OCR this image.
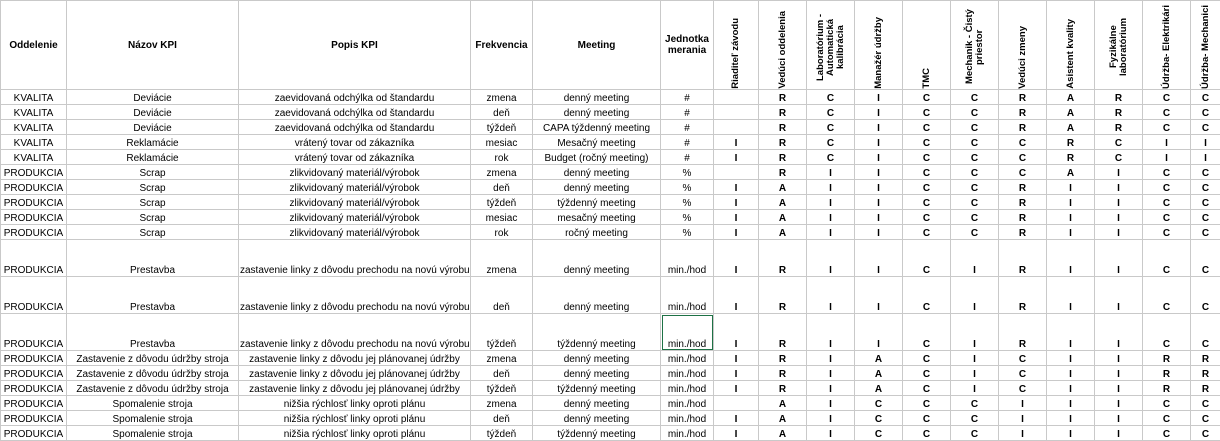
Oddelenie	Názov KPI	Popis KPI	Frekvencia	Meeting	Jednotka merania	Riaditeľ závodu	Vedúci oddelenia	Laboratórium - Automatická kalibrácia	Manažér údržby	TMC	Mechanik - Čistý priestor	Vedúci zmeny	Asistent kvality	Fyzikálne laboratórium	Údržba- Elektrikári	Údržba- Mechanici

KVALITA	Deviácie	zaevidovaná odchýlka od štandardu	zmena	denný meeting	#		R	C	I	C	C	R	A	R	C	C
KVALITA	Deviácie	zaevidovaná odchýlka od štandardu	deň	denný meeting	#		R	C	I	C	C	R	A	R	C	C
KVALITA	Deviácie	zaevidovaná odchýlka od štandardu	týždeň	CAPA týždenný meeting	#		R	C	I	C	C	R	A	R	C	C
KVALITA	Reklamácie	vrátený tovar od zákazníka	mesiac	Mesačný meeting	#	I	R	C	I	C	C	C	R	C	I	I
KVALITA	Reklamácie	vrátený tovar od zákazníka	rok	Budget (ročný meeting)	#	I	R	C	I	C	C	C	R	C	I	I
PRODUKCIA	Scrap	zlikvidovaný materiál/výrobok	zmena	denný meeting	%		R	I	I	C	C	C	A	I	C	C
PRODUKCIA	Scrap	zlikvidovaný materiál/výrobok	deň	denný meeting	%	I	A	I	I	C	C	R	I	I	C	C
PRODUKCIA	Scrap	zlikvidovaný materiál/výrobok	týždeň	týždenný meeting	%	I	A	I	I	C	C	R	I	I	C	C
PRODUKCIA	Scrap	zlikvidovaný materiál/výrobok	mesiac	mesačný meeting	%	I	A	I	I	C	C	R	I	I	C	C
PRODUKCIA	Scrap	zlikvidovaný materiál/výrobok	rok	ročný meeting	%	I	A	I	I	C	C	R	I	I	C	C
PRODUKCIA	Prestavba	zastavenie linky z dôvodu prechodu na novú výrobu	zmena	denný meeting	min./hod	I	R	I	I	C	I	R	I	I	C	C
PRODUKCIA	Prestavba	zastavenie linky z dôvodu prechodu na novú výrobu	deň	denný meeting	min./hod	I	R	I	I	C	I	R	I	I	C	C
PRODUKCIA	Prestavba	zastavenie linky z dôvodu prechodu na novú výrobu	týždeň	týždenný meeting	min./hod	I	R	I	I	C	I	R	I	I	C	C
PRODUKCIA	Zastavenie z dôvodu údržby stroja	zastavenie linky z dôvodu jej plánovanej údržby	zmena	denný meeting	min./hod	I	R	I	A	C	I	C	I	I	R	R
PRODUKCIA	Zastavenie z dôvodu údržby stroja	zastavenie linky z dôvodu jej plánovanej údržby	deň	denný meeting	min./hod	I	R	I	A	C	I	C	I	I	R	R
PRODUKCIA	Zastavenie z dôvodu údržby stroja	zastavenie linky z dôvodu jej plánovanej údržby	týždeň	týždenný meeting	min./hod	I	R	I	A	C	I	C	I	I	R	R
PRODUKCIA	Spomalenie stroja	nižšia rýchlosť linky oproti plánu	zmena	denný meeting	min./hod		A	I	C	C	C	I	I	I	C	C
PRODUKCIA	Spomalenie stroja	nižšia rýchlosť linky oproti plánu	deň	denný meeting	min./hod	I	A	I	C	C	C	I	I	I	C	C
PRODUKCIA	Spomalenie stroja	nižšia rýchlosť linky oproti plánu	týždeň	týždenný meeting	min./hod	I	A	I	C	C	C	I	I	I	C	C
